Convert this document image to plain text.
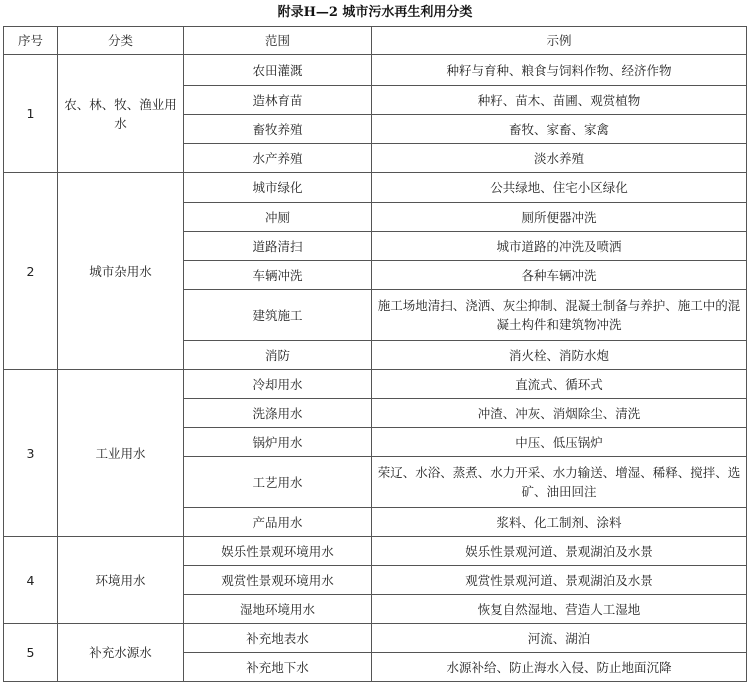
附录H—2 城市污水再生利用分类
序号	分类	范围	示例
1	农、林、牧、渔业用水	农田灌溉	种籽与育种、粮食与饲料作物、经济作物
		造林育苗	种籽、苗木、苗圃、观赏植物
		畜牧养殖	畜牧、家畜、家禽
		水产养殖	淡水养殖
2	城市杂用水	城市绿化	公共绿地、住宅小区绿化
		冲厕	厕所便器冲洗
		道路清扫	城市道路的冲洗及喷洒
		车辆冲洗	各种车辆冲洗
		建筑施工	施工场地清扫、浇洒、灰尘抑制、混凝土制备与养护、施工中的混凝土构件和建筑物冲洗
		消防	消火栓、消防水炮
3	工业用水	冷却用水	直流式、循环式
		洗涤用水	冲渣、冲灰、消烟除尘、清洗
		锅炉用水	中压、低压锅炉
		工艺用水	荣辽、水浴、蒸煮、水力开采、水力输送、增湿、稀释、搅拌、选矿、油田回注
		产品用水	浆料、化工制剂、涂料
4	环境用水	娱乐性景观环境用水	娱乐性景观河道、景观湖泊及水景
		观赏性景观环境用水	观赏性景观河道、景观湖泊及水景
		湿地环境用水	恢复自然湿地、营造人工湿地
5	补充水源水	补充地表水	河流、湖泊
		补充地下水	水源补给、防止海水入侵、防止地面沉降
